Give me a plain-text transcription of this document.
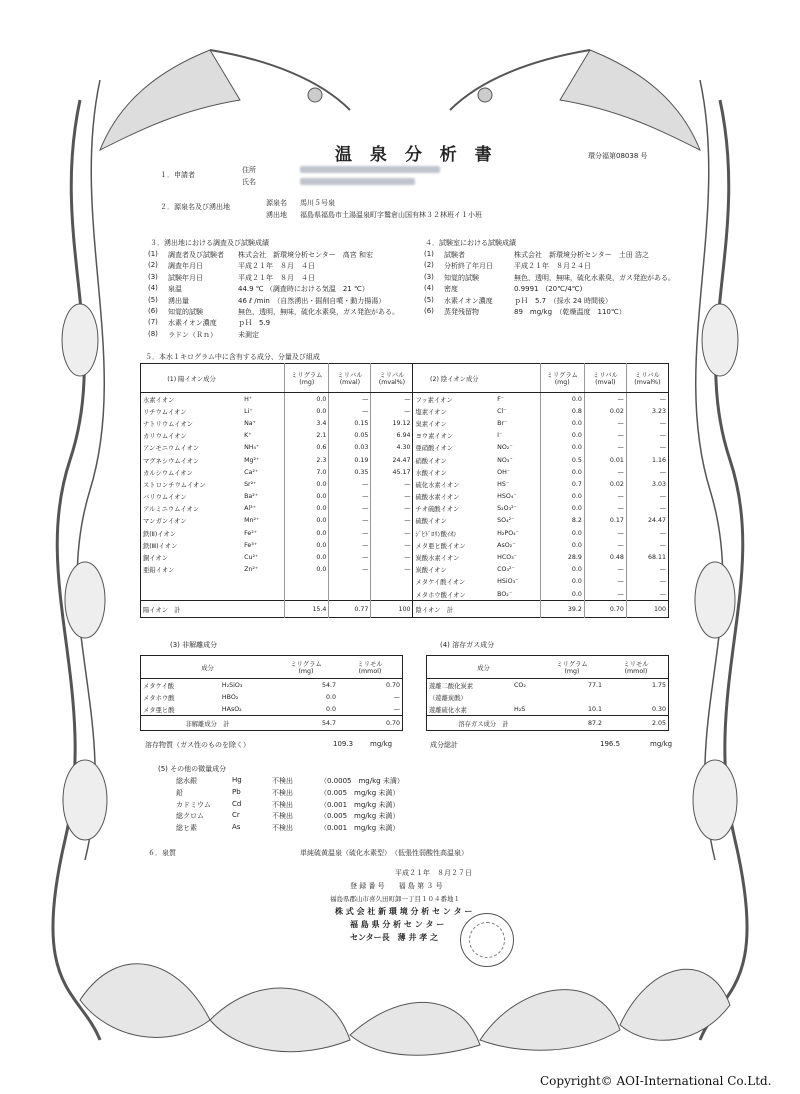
温 泉 分 析 書	環分福第08038 号
１．申請者
住所
氏名
２．源泉名及び湧出地	源泉名 馬川５号泉
湧出地 福島県福島市土湯温泉町字鷲倉山国有林３２林班イ１小班
３．湧出地における調査及び試験成績
(1) 調査者及び試験者 株式会社　新環境分析センター　高宮 和宏
(2) 調査年月日	平成２１年　８月　４日
(3) 試験年月日	平成２１年　８月　４日
(4) 泉温	44.9 ℃ （調査時における気温　21 ℃）
(5) 湧出量	46 ℓ /min　（自然湧出・掘削自噴・動力揚湯）
(6) 知覚的試験	無色，透明，無味，硫化水素臭，ガス発泡がある。
(7) 水素イオン濃度	ｐＨ　5.9
(8) ラドン（Ｒｎ）	未測定
４．試験室における試験成績
(1) 試験者	株式会社　新環境分析センター　土田 浩之
(2) 分析終了年月日	平成２１年　８月２４日
(3) 知覚的試験	無色，透明，無味，硫化水素臭，ガス発泡がある。
(4) 密度	0.9991　(20℃/4℃)
(5) 水素イオン濃度	ｐＨ　5.7　（採水 24 時間後）
(6) 蒸発残留物	89　mg/kg　（乾燥温度　110℃）
５．本水１キログラム中に含有する成分、分量及び組成
(1) 陽イオン成分		ミリグラム
(mg)	ミリバル
(mval)	ミリバル
(mval%)	(2) 陰イオン成分		ミリグラム
(mg)	ミリバル
(mval)	ミリバル
(mval%)
水素イオン	H⁺	0.0	—	—	フッ素イオン	F⁻	0.0	—	—
リチウムイオン	Li⁺	0.0	—	—	塩素イオン	Cl⁻	0.8	0.02	3.23
ナトリウムイオン	Na⁺	3.4	0.15	19.12	臭素イオン	Br⁻	0.0	—	—
カリウムイオン	K⁺	2.1	0.05	6.94	ヨウ素イオン	I⁻	0.0	—	—
アンモニウムイオン	NH₄⁺	0.6	0.03	4.30	亜硝酸イオン	NO₂⁻	0.0	—	—
マグネシウムイオン	Mg²⁺	2.3	0.19	24.47	硝酸イオン	NO₃⁻	0.5	0.01	1.16
カルシウムイオン	Ca²⁺	7.0	0.35	45.17	水酸イオン	OH⁻	0.0	—	—
ストロンチウムイオン	Sr²⁺	0.0	—	—	硫化水素イオン	HS⁻	0.7	0.02	3.03
バリウムイオン	Ba²⁺	0.0	—	—	硫酸水素イオン	HSO₄⁻	0.0	—	—
アルミニウムイオン	Al³⁺	0.0	—	—	チオ硫酸イオン	S₂O₃²⁻	0.0	—	—
マンガンイオン	Mn²⁺	0.0	—	—	硫酸イオン	SO₄²⁻	8.2	0.17	24.47
鉄(Ⅱ)イオン	Fe²⁺	0.0	—	—	ｼﾞﾋﾄﾞﾛﾘﾝ酸ｲｵﾝ	H₂PO₄⁻	0.0	—	—
鉄(Ⅲ)イオン	Fe³⁺	0.0	—	—	メタ亜ヒ酸イオン	AsO₂⁻	0.0	—	—
銅イオン	Cu²⁺	0.0	—	—	炭酸水素イオン	HCO₃⁻	28.9	0.48	68.11
亜鉛イオン	Zn²⁺	0.0	—	—	炭酸イオン	CO₃²⁻	0.0	—	—
					メタケイ酸イオン	HSiO₃⁻	0.0	—	—
					メタホウ酸イオン	BO₂⁻	0.0	—	—
陽イオン　計		15.4	0.77	100	陰イオン　計		39.2	0.70	100
(3) 非解離成分
成分		ミリグラム
(mg)	ミリモル
(mmol)
メタケイ酸	H₂SiO₃	54.7	0.70
メタホウ酸	HBO₂	0.0	—
メタ亜ヒ酸	HAsO₂	0.0	—
非解離成分　計		54.7	0.70
溶存物質（ガス性のものを除く）	109.3 mg/kg
(4) 溶存ガス成分
成分		ミリグラム
(mg)	ミリモル
(mmol)
遊離二酸化炭素	CO₂	77.1	1.75
（遊離炭酸）			
遊離硫化水素	H₂S	10.1	0.30
溶存ガス成分　計		87.2	2.05
成分総計	196.5	mg/kg
(5) その他の微量成分
総水銀	Hg	不検出	（0.0005　mg/kg 未満）
鉛	Pb	不検出	（0.005　mg/kg 未満）
カドミウム	Cd	不検出	（0.001　mg/kg 未満）
総クロム	Cr	不検出	（0.005　mg/kg 未満）
総ヒ素	As	不検出	（0.001　mg/kg 未満）
６．泉質	単純硫黄温泉（硫化水素型）　（低張性弱酸性高温泉）
平成２１年　８月２７日
登 録 番 号　　福 島 第 ３ 号
福島県郡山市喜久田町卸一丁目１０４番地１
株 式 会 社 新 環 境 分 析 セ ン タ ー
福 島 県 分 析 セ ン タ ー
センター長　薄 井 孝 之
Copyright© AOI-International Co.Ltd.
